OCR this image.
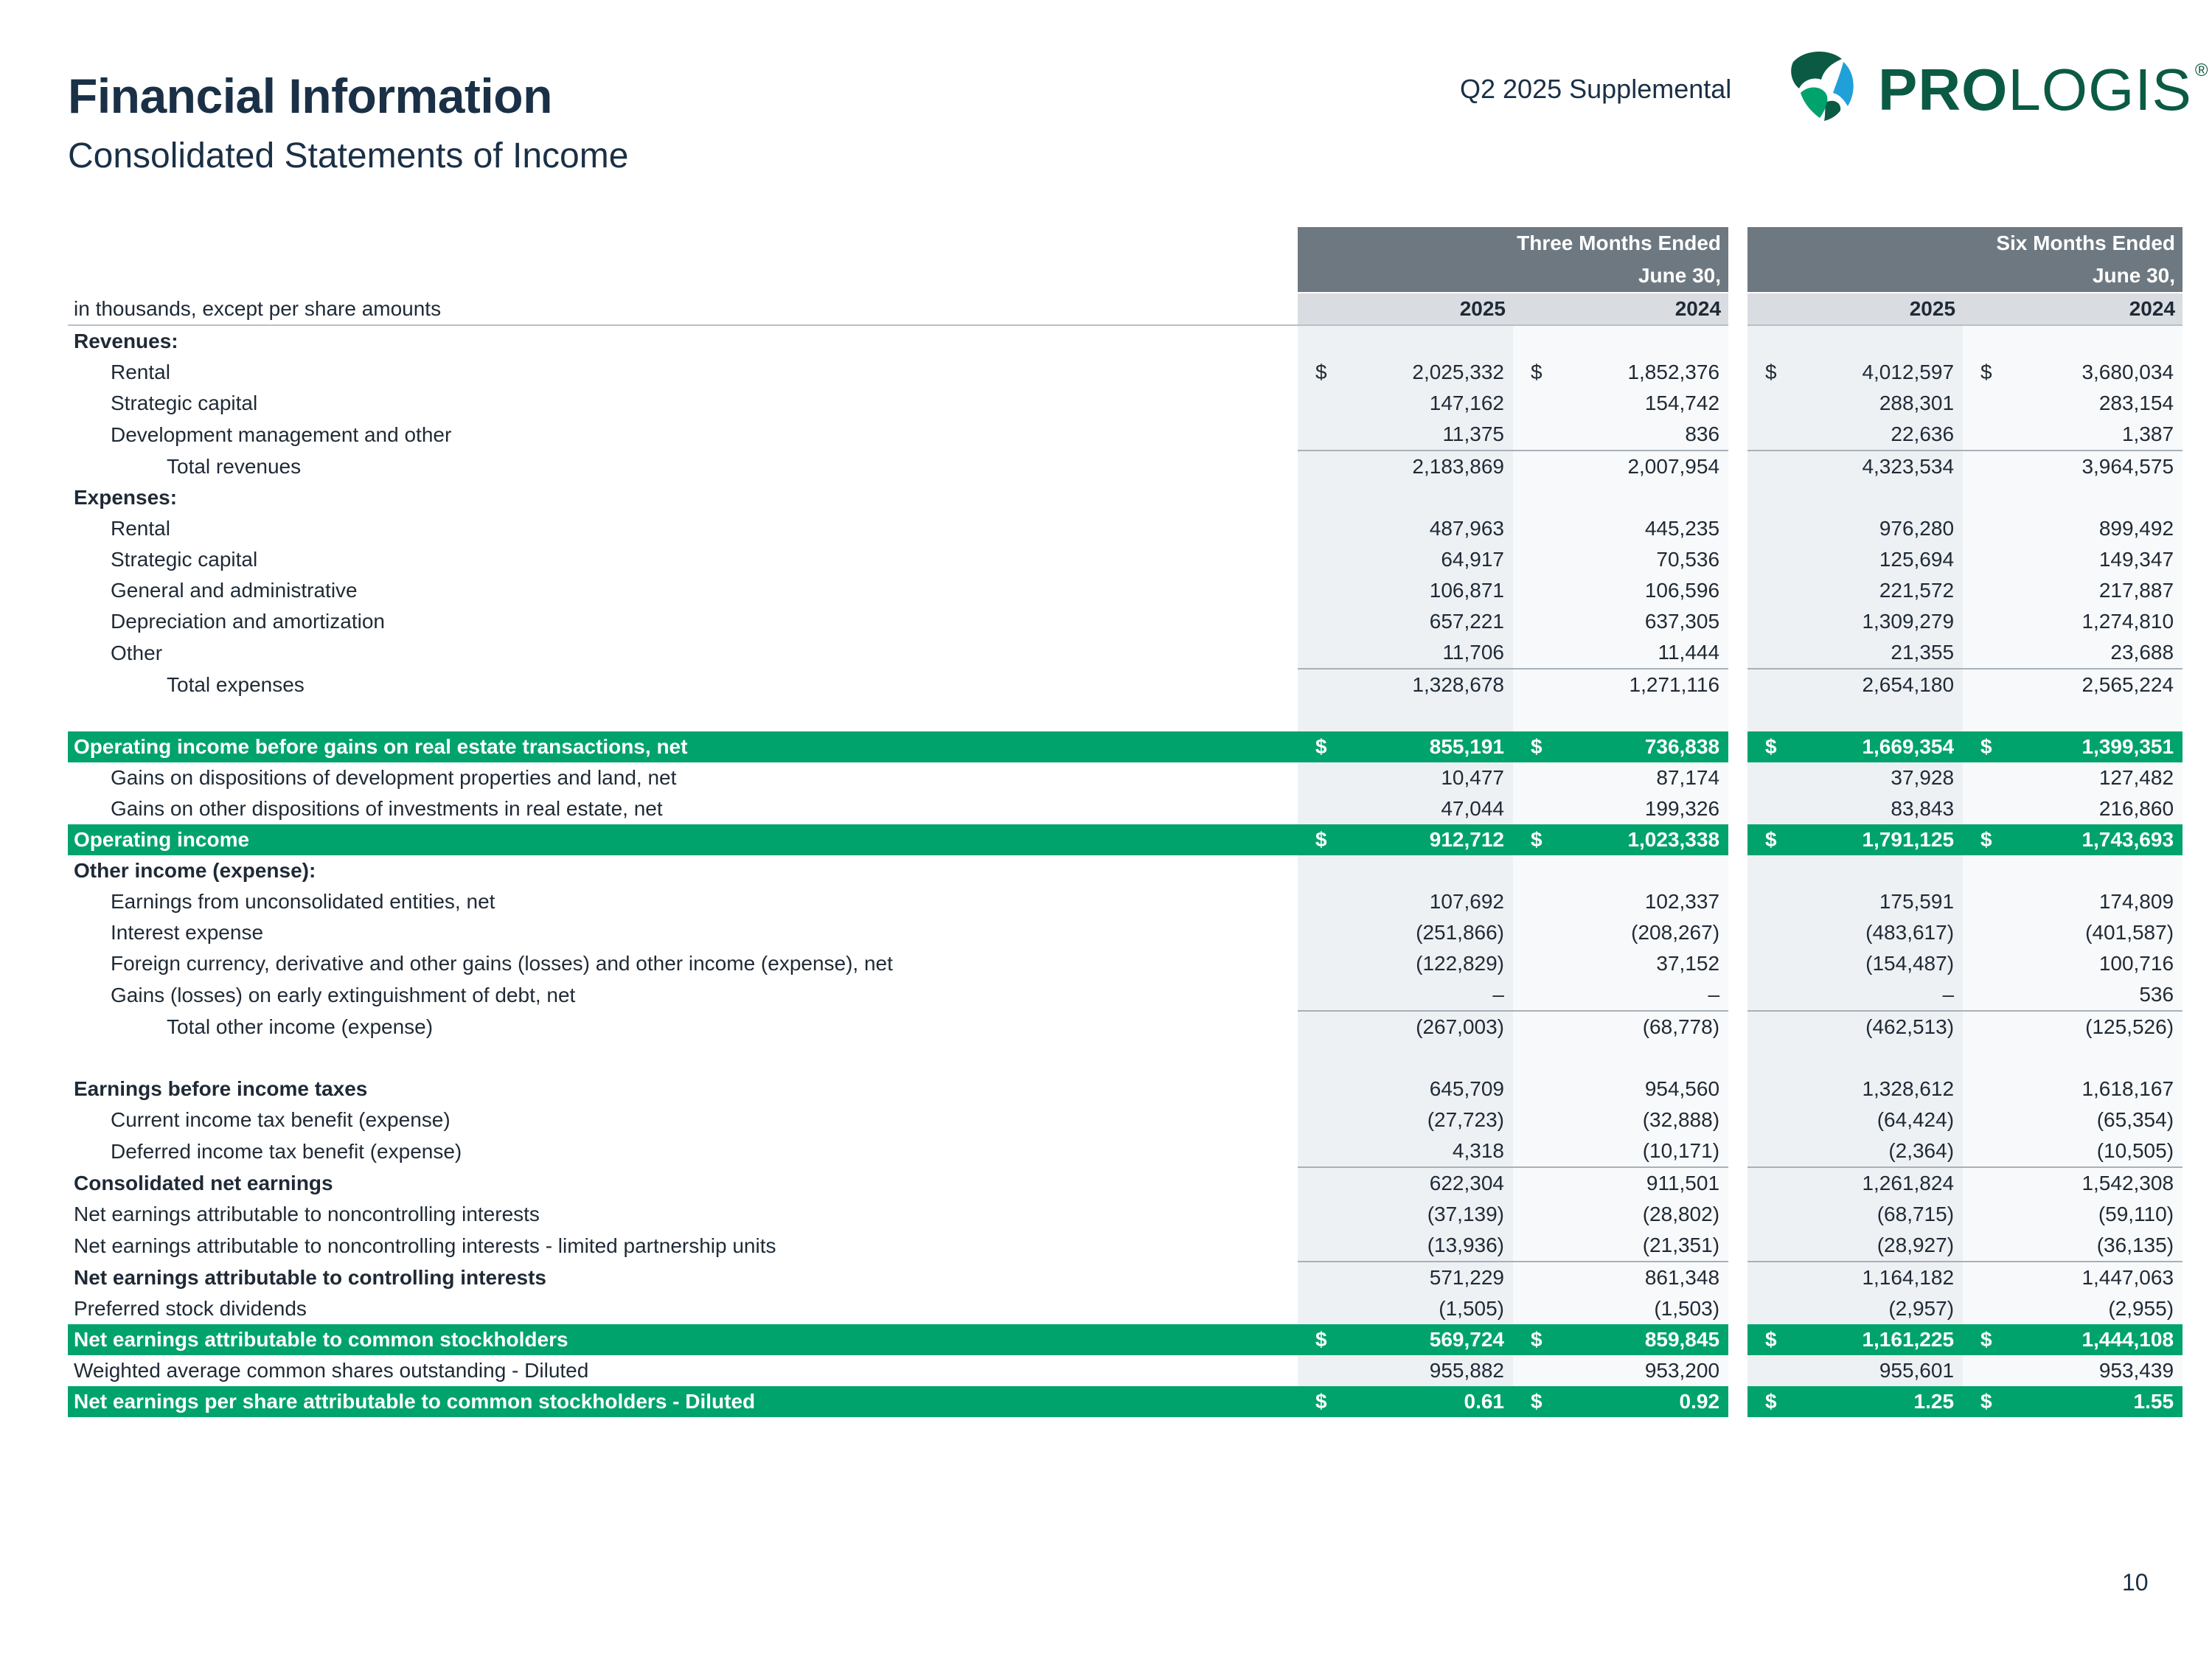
Financial Information
Consolidated Statements of Income
Q2 2025 Supplemental PROLOGIS ®
	Three Months Ended					Six Months Ended			
	June 30,					June 30,			
in thousands, except per share amounts	2025		2024			2025		2024	
Revenues:									
Rental	$	2,025,332	$	1,852,376		$	4,012,597	$	3,680,034
Strategic capital		147,162		154,742			288,301		283,154
Development management and other		11,375		836			22,636		1,387
Total revenues		2,183,869		2,007,954			4,323,534		3,964,575
Expenses:									
Rental		487,963		445,235			976,280		899,492
Strategic capital		64,917		70,536			125,694		149,347
General and administrative		106,871		106,596			221,572		217,887
Depreciation and amortization		657,221		637,305			1,309,279		1,274,810
Other		11,706		11,444			21,355		23,688
Total expenses		1,328,678		1,271,116			2,654,180		2,565,224

Operating income before gains on real estate transactions, net	$	855,191	$	736,838		$	1,669,354	$	1,399,351
Gains on dispositions of development properties and land, net		10,477		87,174			37,928		127,482
Gains on other dispositions of investments in real estate, net		47,044		199,326			83,843		216,860
Operating income	$	912,712	$	1,023,338		$	1,791,125	$	1,743,693
Other income (expense):									
Earnings from unconsolidated entities, net		107,692		102,337			175,591		174,809
Interest expense		(251,866)		(208,267)			(483,617)		(401,587)
Foreign currency, derivative and other gains (losses) and other income (expense), net		(122,829)		37,152			(154,487)		100,716
Gains (losses) on early extinguishment of debt, net		–		–			–		536
Total other income (expense)		(267,003)		(68,778)			(462,513)		(125,526)

Earnings before income taxes		645,709		954,560			1,328,612		1,618,167
Current income tax benefit (expense)		(27,723)		(32,888)			(64,424)		(65,354)
Deferred income tax benefit (expense)		4,318		(10,171)			(2,364)		(10,505)
Consolidated net earnings		622,304		911,501			1,261,824		1,542,308
Net earnings attributable to noncontrolling interests		(37,139)		(28,802)			(68,715)		(59,110)
Net earnings attributable to noncontrolling interests - limited partnership units		(13,936)		(21,351)			(28,927)		(36,135)
Net earnings attributable to controlling interests		571,229		861,348			1,164,182		1,447,063
Preferred stock dividends		(1,505)		(1,503)			(2,957)		(2,955)
Net earnings attributable to common stockholders	$	569,724	$	859,845		$	1,161,225	$	1,444,108
Weighted average common shares outstanding - Diluted		955,882		953,200			955,601		953,439
Net earnings per share attributable to common stockholders - Diluted	$	0.61	$	0.92		$	1.25	$	1.55
10
